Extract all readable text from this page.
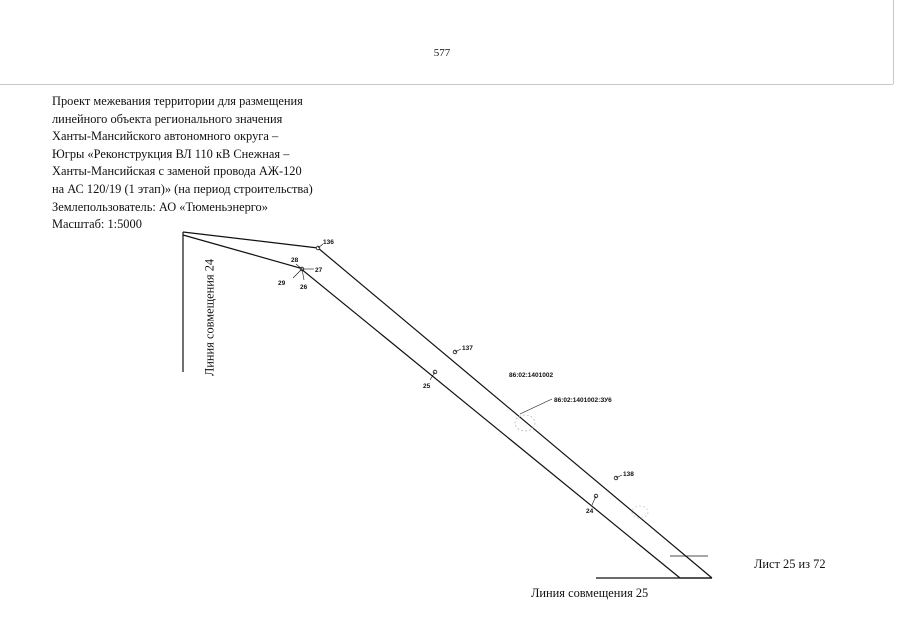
577
Проект межевания территории для размещения
линейного объекта регионального значения
Ханты-Мансийского автономного округа –
Югры «Реконструкция ВЛ 110 кВ Снежная –
Ханты-Мансийская с заменой провода АЖ-120
на АС 120/19 (1 этап)» (на период строительства)
Землепользователь: АО «Тюменьэнерго»
Масштаб: 1:5000
136
28
27
29
26
137
25
138
24
86:02:1401002
86:02:1401002:ЗУ6
Линия совмещения 24
Линия совмещения 25
Лист 25 из 72
